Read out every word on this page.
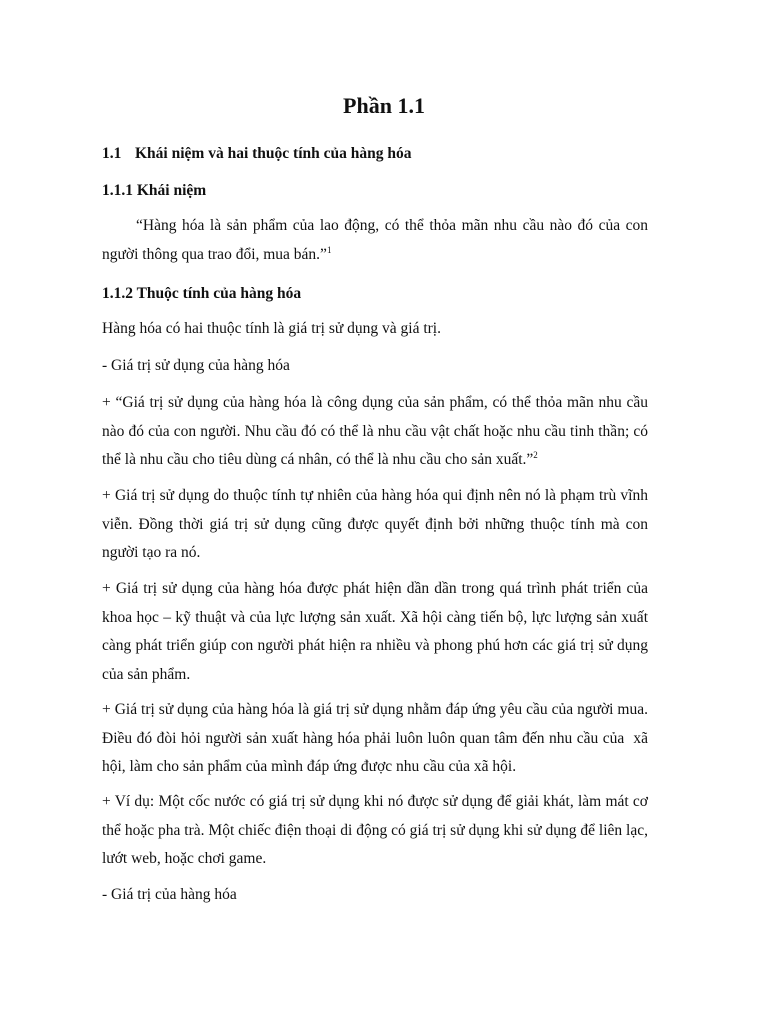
Phần 1.1

1.1 Khái niệm và hai thuộc tính của hàng hóa

1.1.1 Khái niệm

“Hàng hóa là sản phẩm của lao động, có thể thỏa mãn nhu cầu nào đó của con người thông qua trao đổi, mua bán.”$^1$

1.1.2 Thuộc tính của hàng hóa

Hàng hóa có hai thuộc tính là giá trị sử dụng và giá trị.

- Giá trị sử dụng của hàng hóa

+ “Giá trị sử dụng của hàng hóa là công dụng của sản phẩm, có thể thỏa mãn nhu cầu nào đó của con người. Nhu cầu đó có thể là nhu cầu vật chất hoặc nhu cầu tinh thần; có thể là nhu cầu cho tiêu dùng cá nhân, có thể là nhu cầu cho sản xuất.”$^2$

+ Giá trị sử dụng do thuộc tính tự nhiên của hàng hóa qui định nên nó là phạm trù vĩnh viễn. Đồng thời giá trị sử dụng cũng được quyết định bởi những thuộc tính mà con    người tạo ra nó.

+ Giá trị sử dụng của hàng hóa được phát hiện dần dần trong quá trình phát triển của khoa học – kỹ thuật và của lực lượng sản xuất. Xã hội càng tiến bộ, lực lượng sản xuất càng phát triển giúp con người phát hiện ra nhiều và phong phú hơn các giá trị sử dụng của sản phẩm.

+ Giá trị sử dụng của hàng hóa là giá trị sử dụng nhằm đáp ứng yêu cầu của người mua. Điều đó đòi hỏi người sản xuất hàng hóa phải luôn luôn quan tâm đến nhu cầu của  xã hội, làm cho sản phẩm của mình đáp ứng được nhu cầu của xã hội.

+ Ví dụ: Một cốc nước có giá trị sử dụng khi nó được sử dụng để giải khát, làm mát cơ thể hoặc pha trà. Một chiếc điện thoại di động có giá trị sử dụng khi sử dụng để liên lạc, lướt web, hoặc chơi game.

- Giá trị của hàng hóa
